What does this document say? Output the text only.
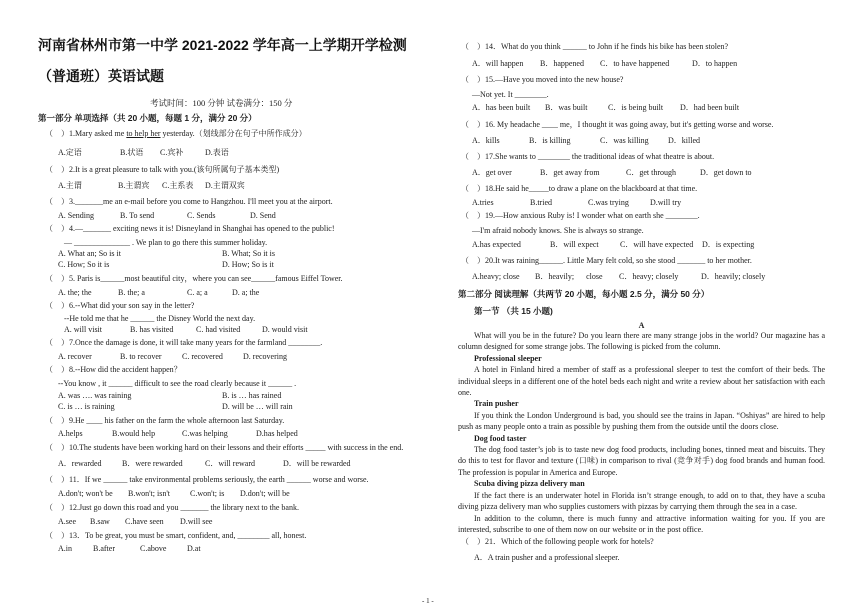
河南省林州市第一中学 2021-2022 学年高一上学期开学检测
（普通班）英语试题
考试时间：100 分钟 试卷满分：150 分
第一部分 单项选择（共 20 小题，每题 1 分，满分 20 分）
（　）1.Mary asked me to help her yesterday.（划线部分在句子中所作成分）
A.定语	B.状语 C.宾补	D.表语
（　）2.It is a great pleasure to talk with you.(该句所属句子基本类型)
A.主谓	B.主谓宾 C.主系表 D.主谓双宾
（　）3._______me an e-mail before you come to Hangzhou. I'll meet you at the airport.
A. Sending	B. To send	C. Sends	D. Send
（　）4.—_______ exciting news it is! Disneyland in Shanghai has opened to the public!
— ______________ . We plan to go there this summer holiday.
A. What an; So is it	B. What; So it is
C. How; So it is	D. How; So is it
（　）5. Paris is______most beautiful city，where you can see______famous Eiffel Tower.
A. the; the	B. the; a	C. a; a	D. a; the
（　）6.--What did your son say in the letter?
--He told me that he ______ the Disney World the next day.
A. will visit	B. has visited	C. had visited	D. would visit
（　）7.Once the damage is done, it will take many years for the farmland ________.
A. recover	B. to recover	C. recovered	D. recovering
（　）8.--How did the accident happen？
--You know , it ______ difficult to see the road clearly because it ______ .
A. was …. was raining	B. is … has rained
C. is … is raining	D. will be … will rain
（　）9.He ____ his father on the farm the whole afternoon last Saturday.
A.helps	B.would help	C.was helping	D.has helped
（　）10.The students have been working hard on their lessons and their efforts _____ with success in the end.
A．rewarded	B．were rewarded	C．will reward	D．will be rewarded
（　）11．If we ______ take environmental problems seriously, the earth ______ worse and worse.
A.don't; won't be B.won't; isn't	C.won't; is D.don't; will be
（　）12.Just go down this road and you _______ the library next to the bank.
A.see B.saw C.have seen D.will see
（　）13．To be great, you must be smart, confident, and, ________ all, honest.
A.in	B.after	C.above	D.at
（　）14．What do you think ______ to John if he finds his bike has been stolen?
A．will happen B．happened C．to have happened	D．to happen
（　）15.—Have you moved into the new house?
—Not yet. It ________.
A．has been built B．was built	C．is being built D．had been built
（　）16. My headache ____ me，I thought it was going away, but it's getting worse and worse.
A．kills	B．is killing	C．was killing D．killed
（　）17.She wants to ________ the traditional ideas of what theatre is about.
A．get over	B．get away from	C．get through	D．get down to
（　）18.He said he_____to draw a plane on the blackboard at that time.
A.tries	B.tried	C.was trying	D.will try
（　）19.—How anxious Ruby is! I wonder what on earth she ________.
—I'm afraid nobody knows. She is always so strange.
A.has expected	B．will expect	C．will have expected D．is expecting
（　）20.It was raining______. Little Mary felt cold, so she stood _______ to her mother.
A.heavy; close B．heavily;      close C．heavy; closely	D．heavily; closely
第二部分 阅读理解（共两节 20 小题，每小题 2.5 分，满分 50 分）
第一节 （共 15 小题)
A

What will you be in the future? Do you learn there are many strange jobs in the world? Our magazine has a column designed for some strange jobs. The following is picked from the column.

Professional sleeper

A hotel in Finland hired a member of staff as a professional sleeper to test the comfort of their beds. The individual sleeps in a different one of the hotel beds each night and write a review about her satisfaction with each one.

Train pusher

If you think the London Underground is bad, you should see the trains in Japan. “Oshiyas” are hired to help push as many people onto a train as possible by pushing them from the outside until the doors close.

Dog food taster

The dog food taster’s job is to taste new dog food products, including bones, tinned meat and biscuits. They do this to test for flavor and texture (口味) in comparison to rival (竞争对手) dog food brands and human food. The profession is popular in America and Europe.

Scuba diving pizza delivery man

If the fact there is an underwater hotel in Florida isn’t strange enough, to add on to that, they have a scuba diving pizza delivery man who supplies customers with pizzas by carrying them through the sea in a case.

In addition to the column, there is much funny and attractive information waiting for you. If you are interested, subscribe to one of them now on our website or in the post office.

（　）21．Which of the following people work for hotels?
A．A train pusher and a professional sleeper.
- 1 -
